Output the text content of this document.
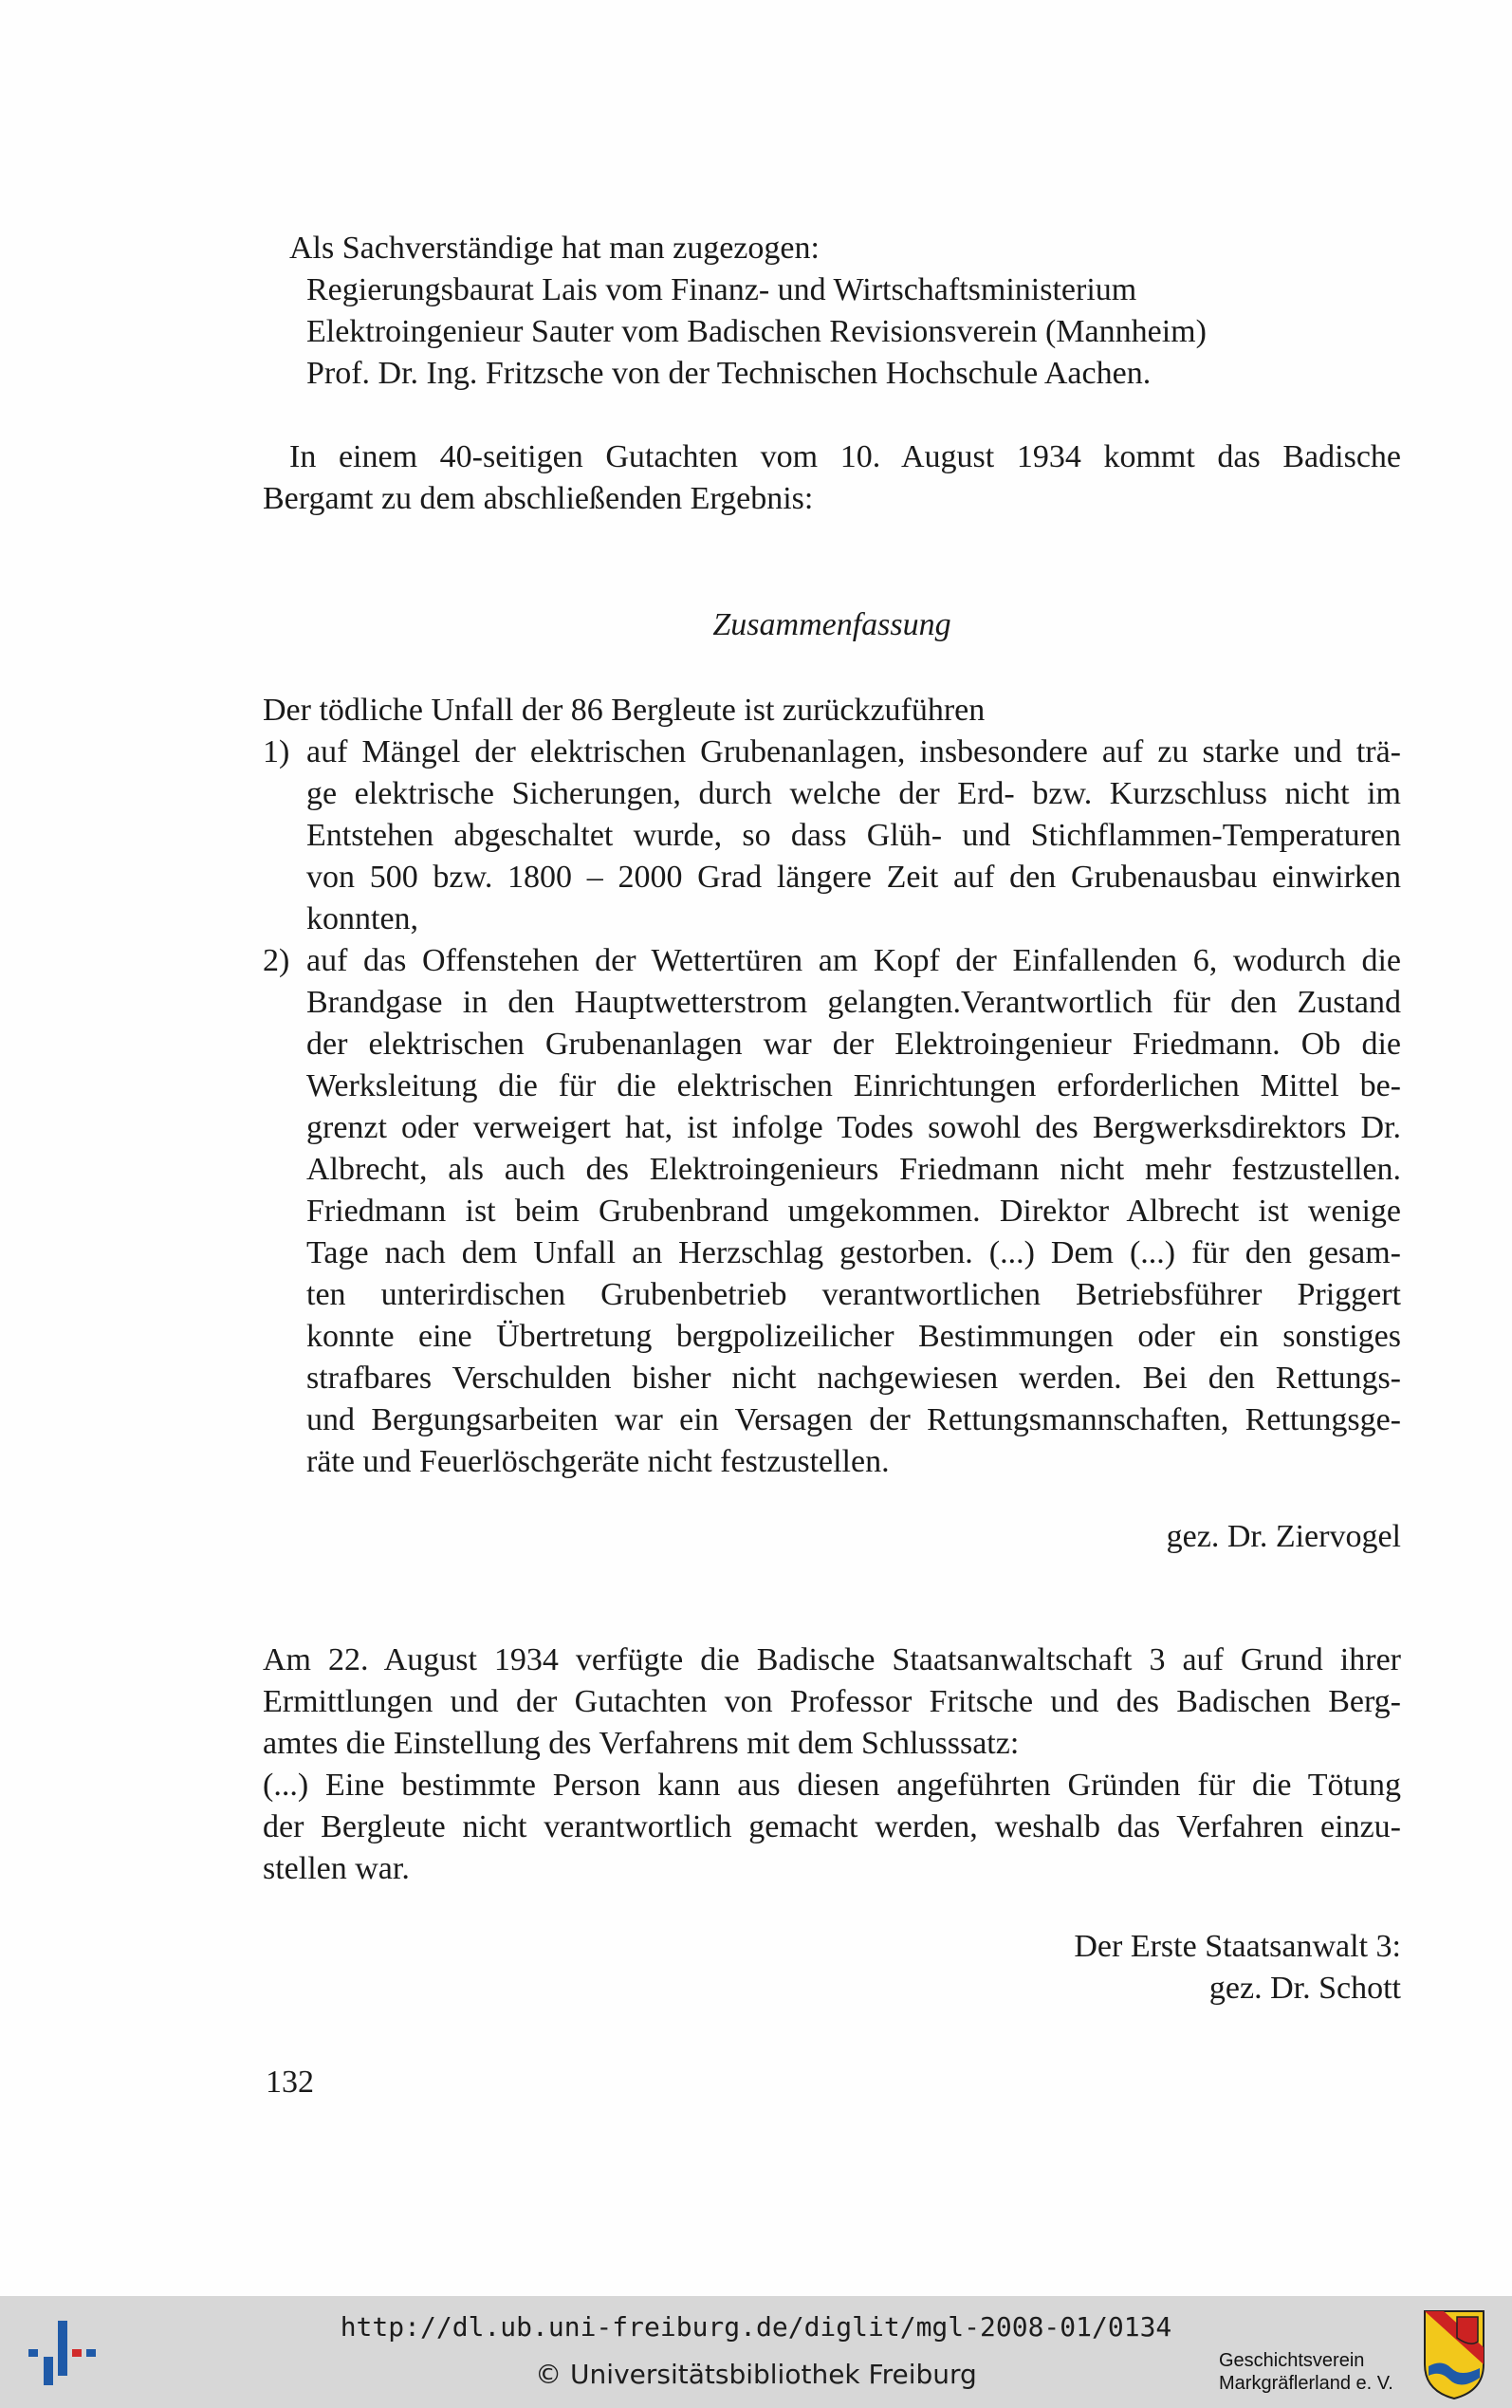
Als Sachverständige hat man zugezogen:
Regierungsbaurat Lais vom Finanz- und Wirtschaftsministerium
Elektroingenieur Sauter vom Badischen Revisionsverein (Mannheim)
Prof. Dr. Ing. Fritzsche von der Technischen Hochschule Aachen.
In einem 40-seitigen Gutachten vom 10. August 1934 kommt das Badische
Bergamt zu dem abschließenden Ergebnis:
Zusammenfassung
Der tödliche Unfall der 86 Bergleute ist zurückzuführen
1) auf Mängel der elektrischen Grubenanlagen, insbesondere auf zu starke und trä-
ge elektrische Sicherungen, durch welche der Erd- bzw. Kurzschluss nicht im
Entstehen abgeschaltet wurde, so dass Glüh- und Stichflammen-Temperaturen
von 500 bzw. 1800 – 2000 Grad längere Zeit auf den Grubenausbau einwirken
konnten,
2) auf das Offenstehen der Wettertüren am Kopf der Einfallenden 6, wodurch die
Brandgase in den Hauptwetterstrom gelangten.Verantwortlich für den Zustand
der elektrischen Grubenanlagen war der Elektroingenieur Friedmann. Ob die
Werksleitung die für die elektrischen Einrichtungen erforderlichen Mittel be-
grenzt oder verweigert hat, ist infolge Todes sowohl des Bergwerksdirektors Dr.
Albrecht, als auch des Elektroingenieurs Friedmann nicht mehr festzustellen.
Friedmann ist beim Grubenbrand umgekommen. Direktor Albrecht ist wenige
Tage nach dem Unfall an Herzschlag gestorben. (...) Dem (...) für den gesam-
ten unterirdischen Grubenbetrieb verantwortlichen Betriebsführer Priggert
konnte eine Übertretung bergpolizeilicher Bestimmungen oder ein sonstiges
strafbares Verschulden bisher nicht nachgewiesen werden. Bei den Rettungs-
und Bergungsarbeiten war ein Versagen der Rettungsmannschaften, Rettungsge-
räte und Feuerlöschgeräte nicht festzustellen.
gez. Dr. Ziervogel
Am 22. August 1934 verfügte die Badische Staatsanwaltschaft 3 auf Grund ihrer
Ermittlungen und der Gutachten von Professor Fritsche und des Badischen Berg-
amtes die Einstellung des Verfahrens mit dem Schlusssatz:
(...) Eine bestimmte Person kann aus diesen angeführten Gründen für die Tötung
der Bergleute nicht verantwortlich gemacht werden, weshalb das Verfahren einzu-
stellen war.
Der Erste Staatsanwalt 3:
gez. Dr. Schott
132
http://dl.ub.uni-freiburg.de/diglit/mgl-2008-01/0134
© Universitätsbibliothek Freiburg	Geschichtsverein
Markgräflerland e. V.
